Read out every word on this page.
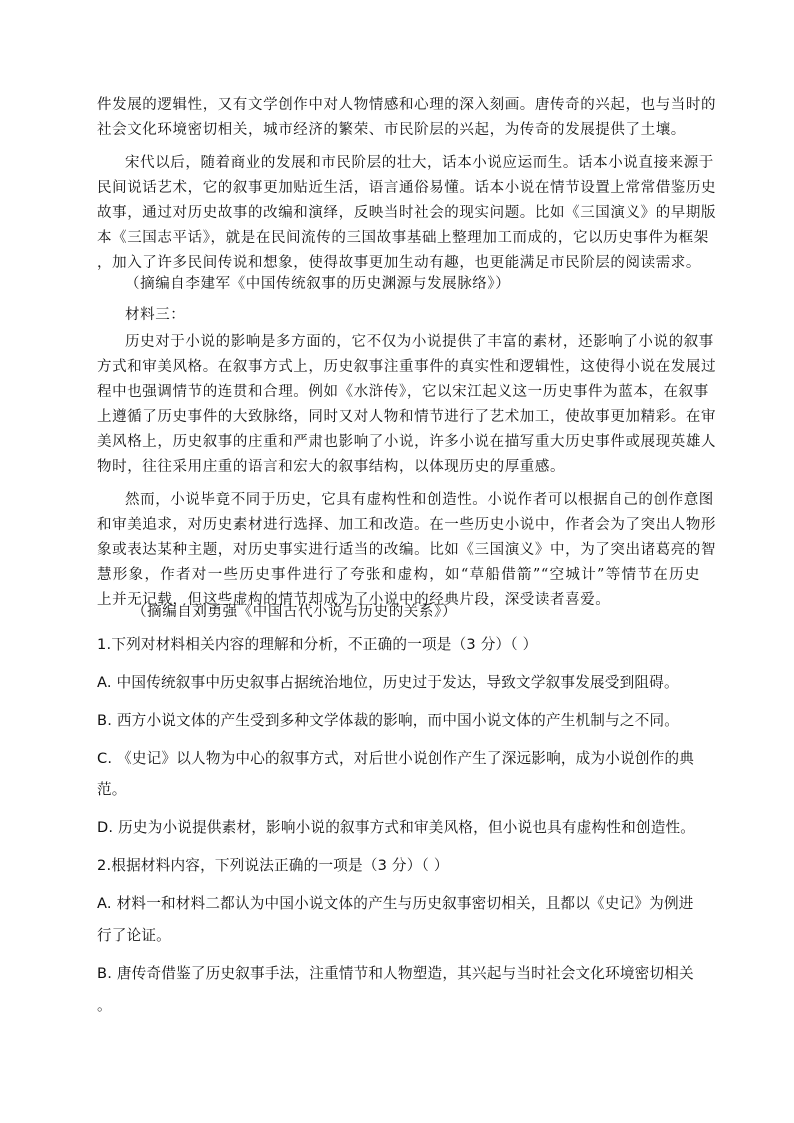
件发展的逻辑性，又有文学创作中对人物情感和心理的深入刻画。唐传奇的兴起，也与当时的
社会文化环境密切相关，城市经济的繁荣、市民阶层的兴起，为传奇的发展提供了土壤。
宋代以后，随着商业的发展和市民阶层的壮大，话本小说应运而生。话本小说直接来源于
民间说话艺术，它的叙事更加贴近生活，语言通俗易懂。话本小说在情节设置上常常借鉴历史
故事，通过对历史故事的改编和演绎，反映当时社会的现实问题。比如《三国演义》的早期版
本《三国志平话》，就是在民间流传的三国故事基础上整理加工而成的，它以历史事件为框架
，加入了许多民间传说和想象，使得故事更加生动有趣，也更能满足市民阶层的阅读需求。
（摘编自李建军《中国传统叙事的历史渊源与发展脉络》）
材料三：
历史对于小说的影响是多方面的，它不仅为小说提供了丰富的素材，还影响了小说的叙事
方式和审美风格。在叙事方式上，历史叙事注重事件的真实性和逻辑性，这使得小说在发展过
程中也强调情节的连贯和合理。例如《水浒传》，它以宋江起义这一历史事件为蓝本，在叙事
上遵循了历史事件的大致脉络，同时又对人物和情节进行了艺术加工，使故事更加精彩。在审
美风格上，历史叙事的庄重和严肃也影响了小说，许多小说在描写重大历史事件或展现英雄人
物时，往往采用庄重的语言和宏大的叙事结构，以体现历史的厚重感。
然而，小说毕竟不同于历史，它具有虚构性和创造性。小说作者可以根据自己的创作意图
和审美追求，对历史素材进行选择、加工和改造。在一些历史小说中，作者会为了突出人物形
象或表达某种主题，对历史事实进行适当的改编。比如《三国演义》中，为了突出诸葛亮的智
慧形象，作者对一些历史事件进行了夸张和虚构，如“草船借箭”“空城计”等情节在历史
上并无记载，但这些虚构的情节却成为了小说中的经典片段，深受读者喜爱。
（摘编自刘勇强《中国古代小说与历史的关系》）
1.下列对材料相关内容的理解和分析，不正确的一项是（3 分）（ ）
A. 中国传统叙事中历史叙事占据统治地位，历史过于发达，导致文学叙事发展受到阻碍。
B. 西方小说文体的产生受到多种文学体裁的影响，而中国小说文体的产生机制与之不同。
C. 《史记》以人物为中心的叙事方式，对后世小说创作产生了深远影响，成为小说创作的典
范。
D. 历史为小说提供素材，影响小说的叙事方式和审美风格，但小说也具有虚构性和创造性。
2.根据材料内容，下列说法正确的一项是（3 分）（ ）
A. 材料一和材料二都认为中国小说文体的产生与历史叙事密切相关，且都以《史记》为例进
行了论证。
B. 唐传奇借鉴了历史叙事手法，注重情节和人物塑造，其兴起与当时社会文化环境密切相关
。
